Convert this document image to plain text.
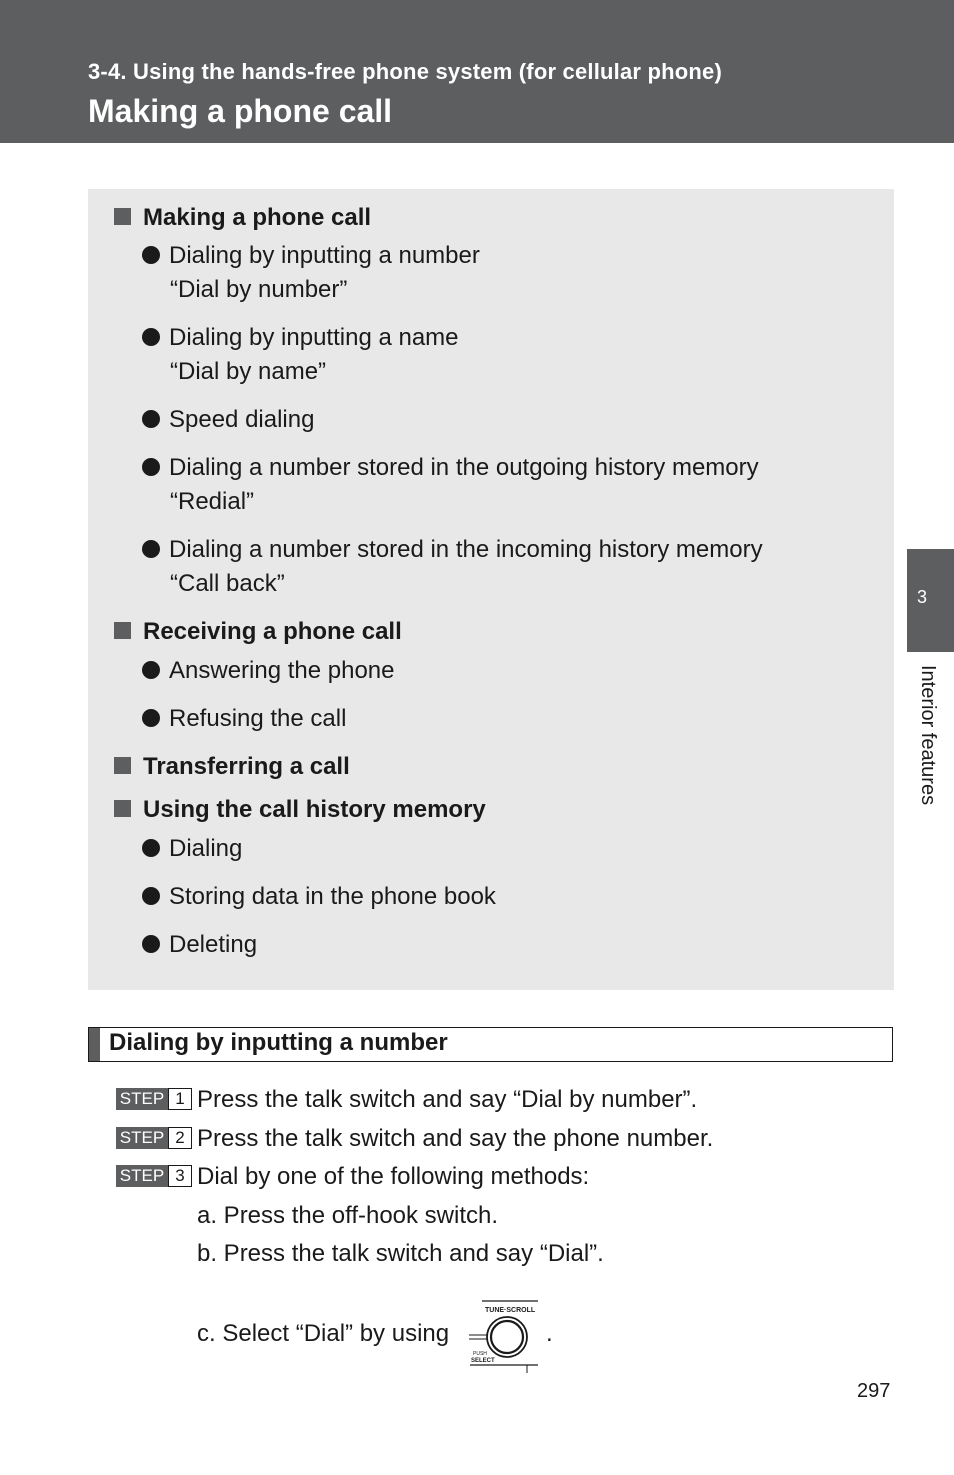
3-4. Using the hands-free phone system (for cellular phone)
Making a phone call
Making a phone call
Dialing by inputting a number
“Dial by number”
Dialing by inputting a name
“Dial by name”
Speed dialing
Dialing a number stored in the outgoing history memory
“Redial”
Dialing a number stored in the incoming history memory
“Call back”
Receiving a phone call
Answering the phone
Refusing the call
Transferring a call
Using the call history memory
Dialing
Storing data in the phone book
Deleting
Dialing by inputting a number
STEP 1 Press the talk switch and say “Dial by number”.
STEP 2 Press the talk switch and say the phone number.
STEP 3 Dial by one of the following methods:
a. Press the off-hook switch.
b. Press the talk switch and say “Dial”.
c. Select “Dial” by using	.
TUNE·SCROLL
PUSH
SELECT
3
Interior features
297
